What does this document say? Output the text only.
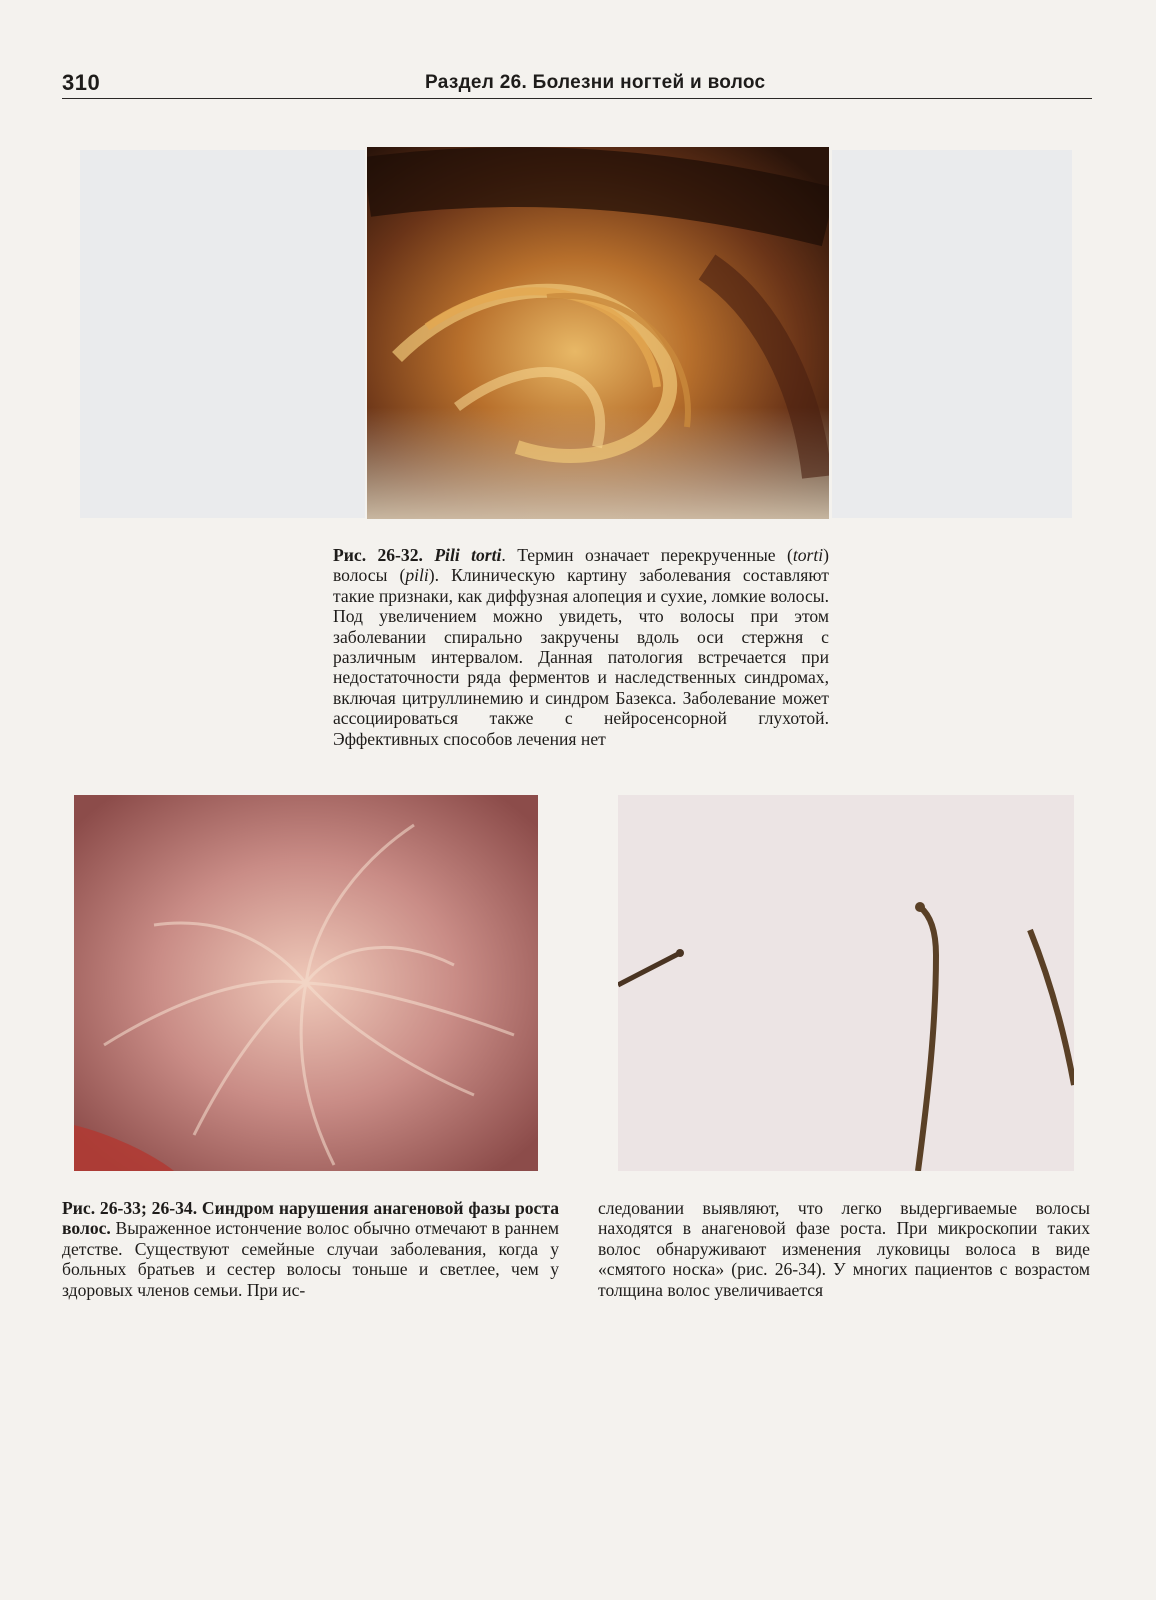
310	Раздел 26. Болезни ногтей и волос
Рис. 26-32. Pili torti. Термин означает перекрученные (torti) волосы (pili). Клиническую картину заболевания составляют такие признаки, как диффузная алопеция и сухие, ломкие волосы. Под увеличением можно увидеть, что волосы при этом заболевании спирально закручены вдоль оси стержня с различным интервалом. Данная патология встречается при недостаточности ряда ферментов и наследственных синдромах, включая цитруллинемию и синдром Базекса. Заболевание может ассоциироваться также с нейросенсорной глухотой. Эффективных способов лечения нет
Рис. 26-33; 26-34. Синдром нарушения анагеновой фазы роста волос. Выраженное истончение волос обычно отмечают в раннем детстве. Существуют семейные случаи заболевания, когда у больных братьев и сестер волосы тоньше и светлее, чем у здоровых членов семьи. При ис-
следовании выявляют, что легко выдергиваемые волосы находятся в анагеновой фазе роста. При микроскопии таких волос обнаруживают изменения луковицы волоса в виде «смятого носка» (рис. 26-34). У многих пациентов с возрастом толщина волос увеличивается
